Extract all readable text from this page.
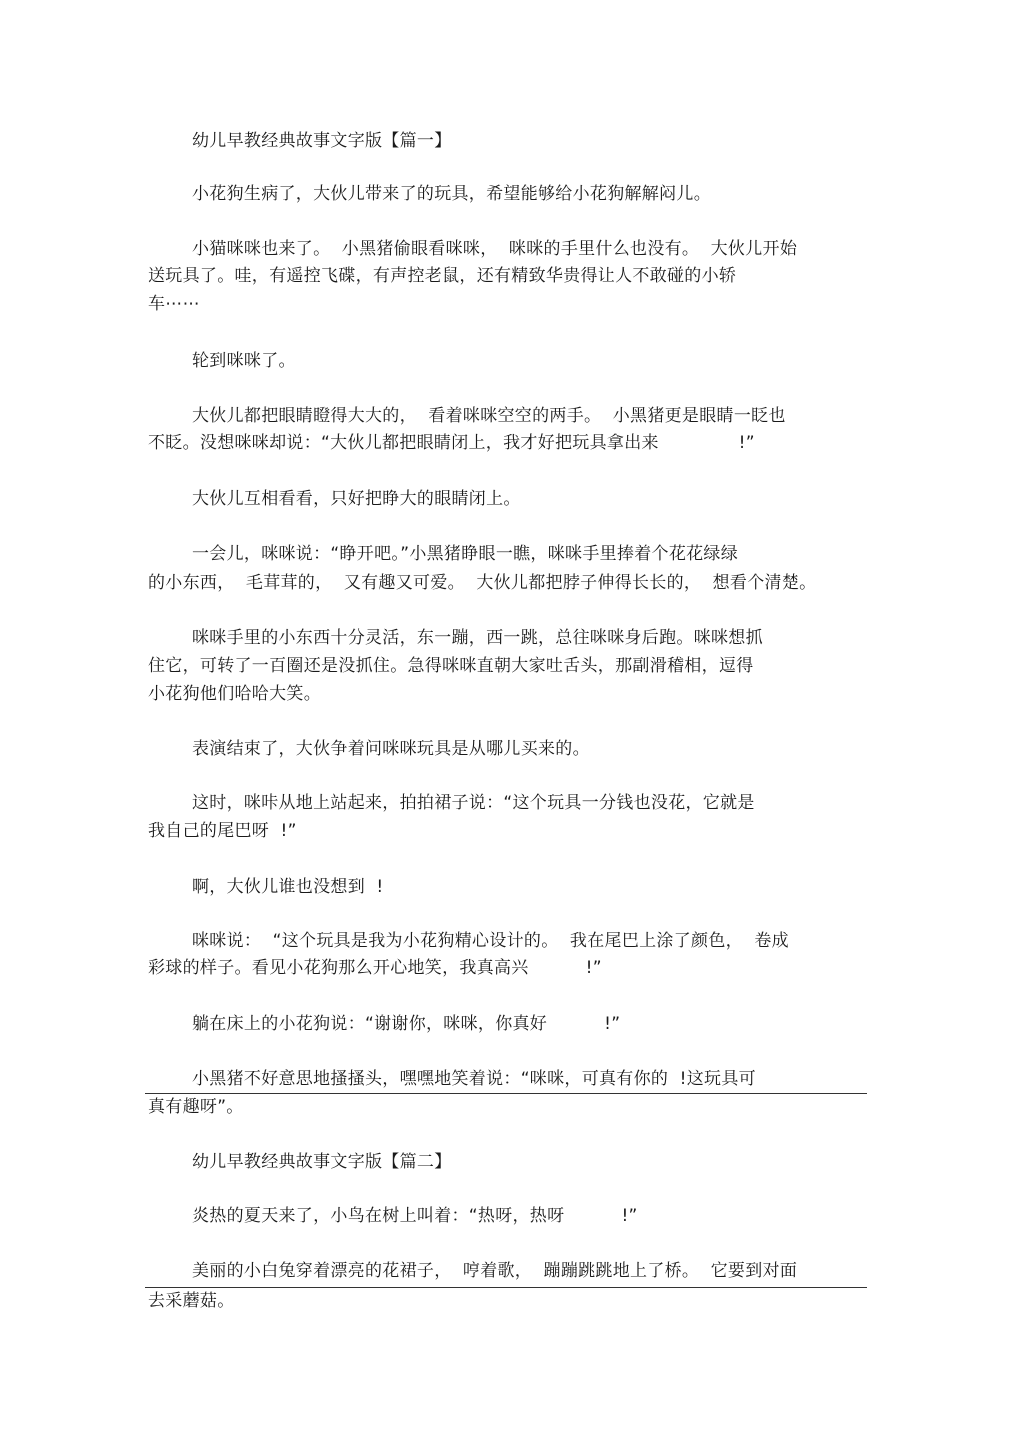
幼儿早教经典故事文字版【篇一】
小花狗生病了，大伙儿带来了的玩具，希望能够给小花狗解解闷儿。
小猫咪咪也来了。  小黑猪偷眼看咪咪，  咪咪的手里什么也没有。  大伙儿开始
送玩具了。哇，有遥控飞碟，有声控老鼠，还有精致华贵得让人不敢碰的小轿
车⋯⋯
轮到咪咪了。
大伙儿都把眼睛瞪得大大的，  看着咪咪空空的两手。  小黑猪更是眼睛一眨也
不眨。没想咪咪却说：“大伙儿都把眼睛闭上，我才好把玩具拿出来              !”
大伙儿互相看看，只好把睁大的眼睛闭上。
一会儿，咪咪说：“睁开吧。”小黑猪睁眼一瞧，咪咪手里捧着个花花绿绿
的小东西，  毛茸茸的，  又有趣又可爱。  大伙儿都把脖子伸得长长的，  想看个清楚。
咪咪手里的小东西十分灵活，东一蹦，西一跳，总往咪咪身后跑。咪咪想抓
住它，可转了一百圈还是没抓住。急得咪咪直朝大家吐舌头，那副滑稽相，逗得
小花狗他们哈哈大笑。
表演结束了，大伙争着问咪咪玩具是从哪儿买来的。
这时，咪咔从地上站起来，拍拍裙子说：“这个玩具一分钱也没花，它就是
我自己的尾巴呀  !”
啊，大伙儿谁也没想到  !
咪咪说：  “这个玩具是我为小花狗精心设计的。  我在尾巴上涂了颜色，  卷成
彩球的样子。看见小花狗那么开心地笑，我真高兴          !”
躺在床上的小花狗说：“谢谢你，咪咪，你真好          !”
小黑猪不好意思地搔搔头，嘿嘿地笑着说：“咪咪，可真有你的  !这玩具可
真有趣呀”。
幼儿早教经典故事文字版【篇二】
炎热的夏天来了，小鸟在树上叫着：“热呀，热呀          !”
美丽的小白兔穿着漂亮的花裙子，  哼着歌，  蹦蹦跳跳地上了桥。  它要到对面
去采蘑菇。
